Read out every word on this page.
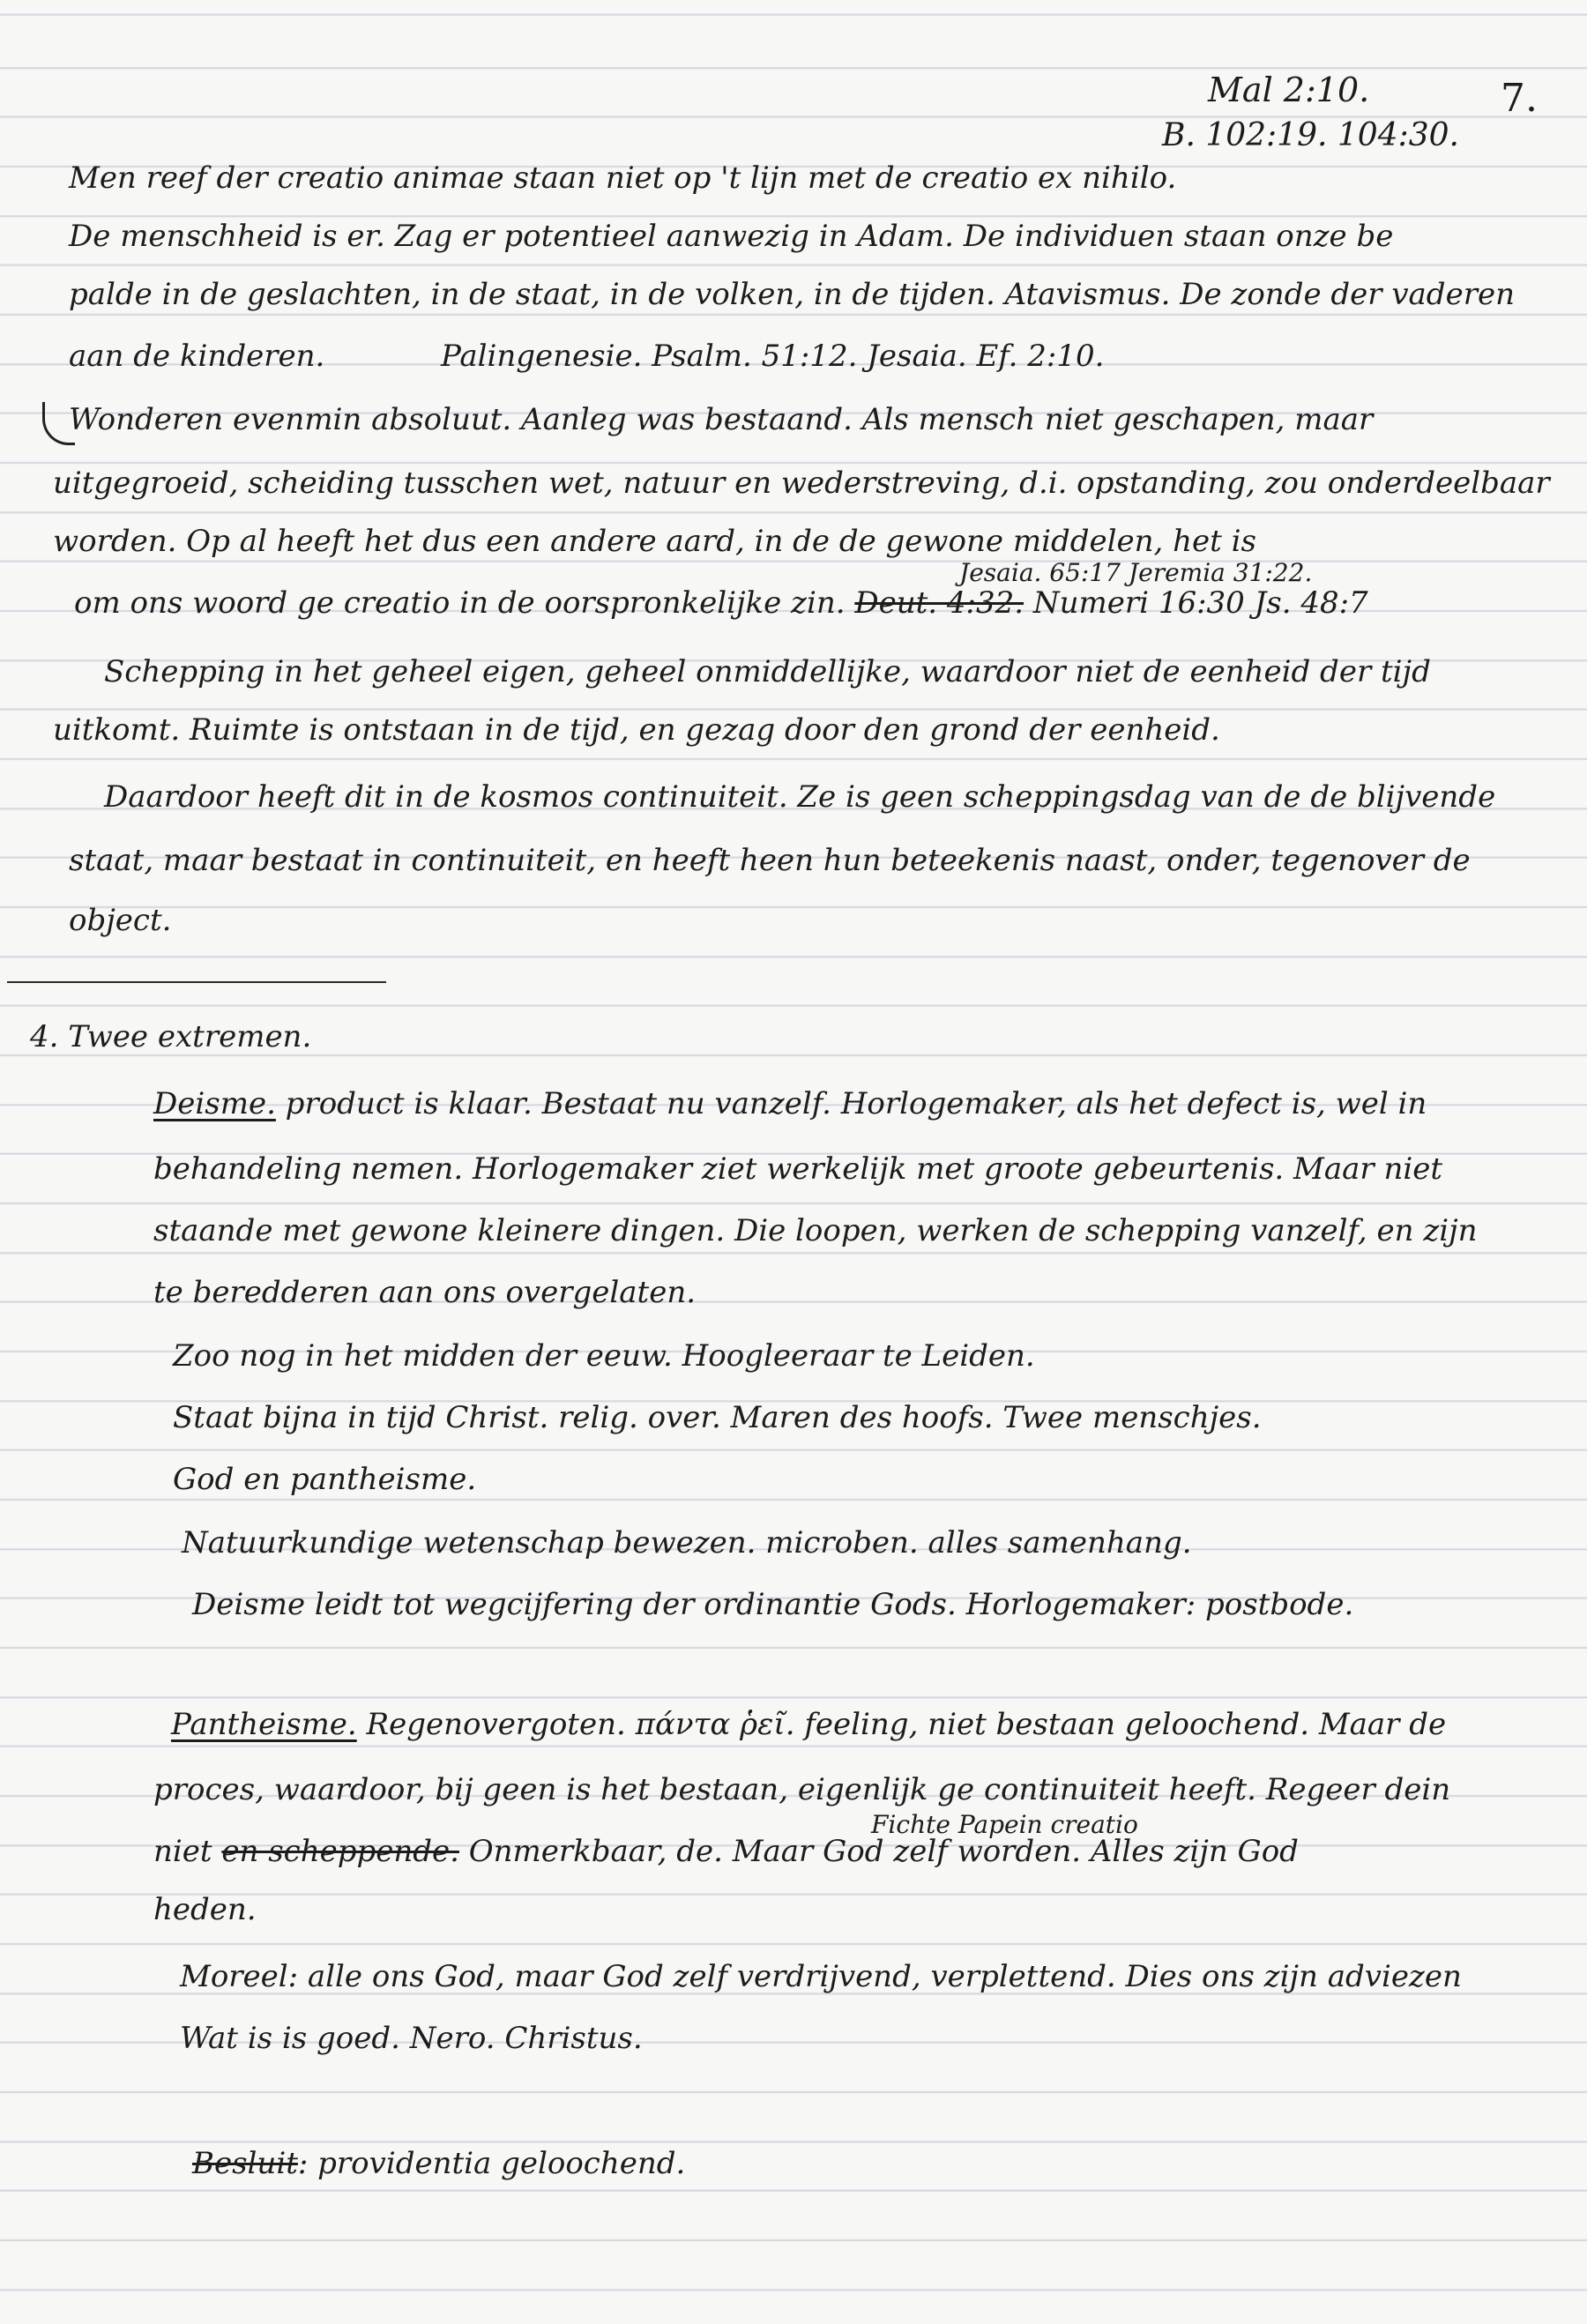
Mal 2:10.	7.
B. 102:19. 104:30.
Men reef der creatio animae staan niet op 't lijn met de creatio ex nihilo.
De menschheid is er. Zag er potentieel aanwezig in Adam. De individuen staan onze be
palde in de geslachten, in de staat, in de volken, in de tijden. Atavismus. De zonde der vaderen
aan de kinderen.	Palingenesie. Psalm. 51:12. Jesaia. Ef. 2:10.
Wonderen evenmin absoluut. Aanleg was bestaand. Als mensch niet geschapen, maar
uitgegroeid, scheiding tusschen wet, natuur en wederstreving, d.i. opstanding, zou onderdeelbaar
worden. Op al heeft het dus een andere aard, in de de gewone middelen, het is
Jesaia. 65:17 Jeremia 31:22.
om ons woord ge creatio in de oorspronkelijke zin. Deut. 4:32. Numeri 16:30 Js. 48:7
Schepping in het geheel eigen, geheel onmiddellijke, waardoor niet de eenheid der tijd
uitkomt. Ruimte is ontstaan in de tijd, en gezag door den grond der eenheid.
Daardoor heeft dit in de kosmos continuiteit. Ze is geen scheppingsdag van de de blijvende
staat, maar bestaat in continuiteit, en heeft heen hun beteekenis naast, onder, tegenover de
object.
4. Twee extremen.
Deisme. product is klaar. Bestaat nu vanzelf. Horlogemaker, als het defect is, wel in
behandeling nemen. Horlogemaker ziet werkelijk met groote gebeurtenis. Maar niet
staande met gewone kleinere dingen. Die loopen, werken de schepping vanzelf, en zijn
te beredderen aan ons overgelaten.
Zoo nog in het midden der eeuw. Hoogleeraar te Leiden.
Staat bijna in tijd Christ. relig. over. Maren des hoofs. Twee menschjes.
God en pantheisme.
Natuurkundige wetenschap bewezen. microben. alles samenhang.
Deisme leidt tot wegcijfering der ordinantie Gods. Horlogemaker: postbode.
Pantheisme. Regenovergoten. πάντα ῥεῖ. feeling, niet bestaan geloochend. Maar de
proces, waardoor, bij geen is het bestaan, eigenlijk ge continuiteit heeft. Regeer dein
Fichte Papein creatio
niet en scheppende. Onmerkbaar, de. Maar God zelf worden. Alles zijn God
heden.
Moreel: alle ons God, maar God zelf verdrijvend, verplettend. Dies ons zijn adviezen
Wat is is goed. Nero. Christus.
Besluit: providentia geloochend.
